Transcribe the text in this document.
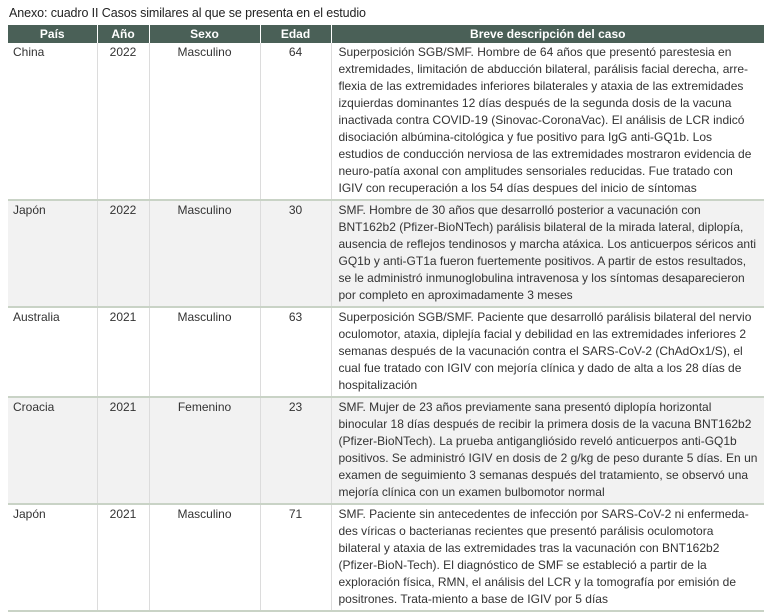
Anexo: cuadro II Casos similares al que se presenta en el estudio
País	Año	Sexo	Edad	Breve descripción del caso

China	2022	Masculino	64	Superposición SGB/SMF. Hombre de 64 años que presentó parestesia en extremidades, limitación de abducción bilateral, parálisis facial derecha, arre-flexia de las extremidades inferiores bilaterales y ataxia de las extremidades izquierdas dominantes 12 días después de la segunda dosis de la vacuna inactivada contra COVID-19 (Sinovac-CoronaVac). El análisis de LCR indicó disociación albúmina-citológica y fue positivo para IgG anti-GQ1b. Los estudios de conducción nerviosa de las extremidades mostraron evidencia de neuro-patía axonal con amplitudes sensoriales reducidas. Fue tratado con IGIV con recuperación a los 54 días despues del inicio de síntomas

Japón	2022	Masculino	30	SMF. Hombre de 30 años que desarrolló posterior a vacunación con BNT162b2 (Pfizer-BioNTech) parálisis bilateral de la mirada lateral, diplopía, ausencia de reflejos tendinosos y marcha atáxica. Los anticuerpos séricos anti GQ1b y anti-GT1a fueron fuertemente positivos. A partir de estos resultados, se le administró inmunoglobulina intravenosa y los síntomas desaparecieron por completo en aproximadamente 3 meses

Australia	2021	Masculino	63	Superposición SGB/SMF. Paciente que desarrolló parálisis bilateral del nervio oculomotor, ataxia, diplejía facial y debilidad en las extremidades inferiores 2 semanas después de la vacunación contra el SARS-CoV-2 (ChAdOx1/S), el cual fue tratado con IGIV con mejoría clínica y dado de alta a los 28 días de hospitalización

Croacia	2021	Femenino	23	SMF. Mujer de 23 años previamente sana presentó diplopía horizontal binocular 18 días después de recibir la primera dosis de la vacuna BNT162b2 (Pfizer-BioNTech). La prueba antigangliósido reveló anticuerpos anti-GQ1b positivos. Se administró IGIV en dosis de 2 g/kg de peso durante 5 días. En un examen de seguimiento 3 semanas después del tratamiento, se observó una mejoría clínica con un examen bulbomotor normal

Japón	2021	Masculino	71	SMF. Paciente sin antecedentes de infección por SARS-CoV-2 ni enfermeda-des víricas o bacterianas recientes que presentó parálisis oculomotora bilateral y ataxia de las extremidades tras la vacunación con BNT162b2 (Pfizer-BioN-Tech). El diagnóstico de SMF se estableció a partir de la exploración física, RMN, el análisis del LCR y la tomografía por emisión de positrones. Trata-miento a base de IGIV por 5 días
